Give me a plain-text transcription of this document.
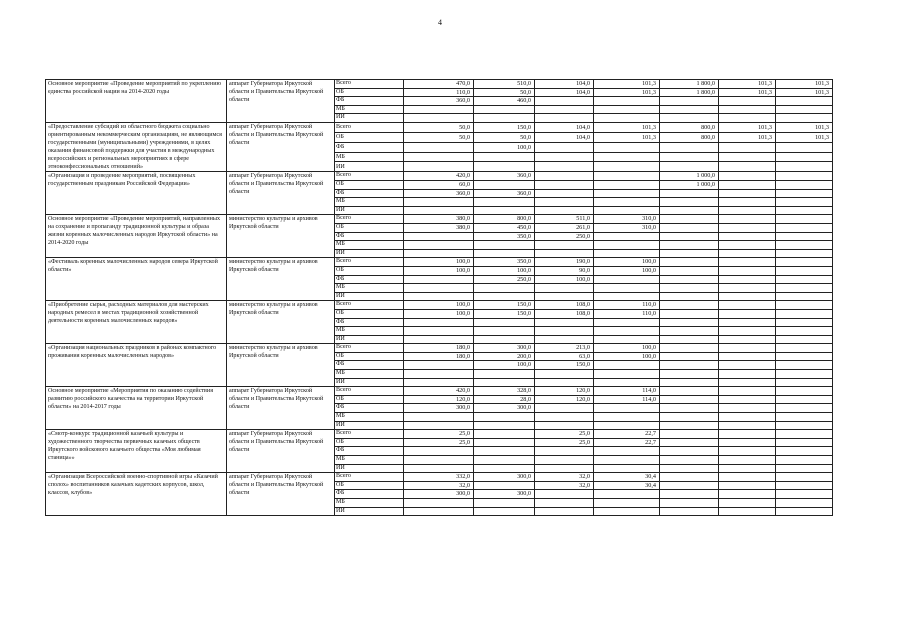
4
Основное мероприятие «Проведение мероприятий по укреплению единства российской нации на 2014-2020 годы	аппарат Губернатора Иркутской области и Правительства Иркутской области	Всего	470,0	510,0	104,0	101,3	1 800,0	101,3	101,3
		ОБ	110,0	50,0	104,0	101,3	1 800,0	101,3	101,3
		ФБ	360,0	460,0					
		МБ							
		ИИ							
«Предоставление субсидий из областного бюджета социально ориентированным некоммерческим организациям, не являющимся государственными (муниципальными) учреждениями, в целях оказания финансовой поддержки для участия в международных всероссийских и региональных мероприятиях в сфере этноконфессиональных отношений»	аппарат Губернатора Иркутской области и Правительства Иркутской области	Всего	50,0	150,0	104,0	101,3	800,0	101,3	101,3
		ОБ	50,0	50,0	104,0	101,3	800,0	101,3	101,3
		ФБ		100,0					
		МБ							
		ИИ							
«Организация и проведение мероприятий, посвященных государственным праздникам Российской Федерации»	аппарат Губернатора Иркутской области и Правительства Иркутской области	Всего	420,0	360,0			1 000,0		
		ОБ	60,0				1 000,0		
		ФБ	360,0	360,0					
		МБ							
		ИИ							
Основное мероприятие «Проведение мероприятий, направленных на сохранение и пропаганду традиционной культуры и образа жизни коренных малочисленных народов Иркутской области» на 2014-2020 годы	министерство культуры и архивов Иркутской области	Всего	380,0	800,0	511,0	310,0			
		ОБ	380,0	450,0	261,0	310,0			
		ФБ		350,0	250,0				
		МБ							
		ИИ							
«Фестиваль коренных малочисленных народов севера Иркутской области»	министерство культуры и архивов Иркутской области	Всего	100,0	350,0	190,0	100,0			
		ОБ	100,0	100,0	90,0	100,0			
		ФБ		250,0	100,0				
		МБ							
		ИИ							
«Приобретение сырья, расходных материалов для мастерских народных ремесел в местах традиционной хозяйственной деятельности коренных малочисленных народов»	министерство культуры и архивов Иркутской области	Всего	100,0	150,0	108,0	110,0			
		ОБ	100,0	150,0	108,0	110,0			
		ФБ							
		МБ							
		ИИ							
«Организация национальных праздников в районах компактного проживания коренных малочисленных народов»	министерство культуры и архивов Иркутской области	Всего	180,0	300,0	213,0	100,0			
		ОБ	180,0	200,0	63,0	100,0			
		ФБ		100,0	150,0				
		МБ							
		ИИ							
Основное мероприятие «Мероприятия по оказанию содействия развитию российского казачества на территории Иркутской области» на 2014-2017 годы	аппарат Губернатора Иркутской области и Правительства Иркутской области	Всего	420,0	328,0	120,0	114,0			
		ОБ	120,0	28,0	120,0	114,0			
		ФБ	300,0	300,0					
		МБ							
		ИИ							
«Смотр-конкурс традиционной казачьей культуры и художественного творчества первичных казачьих обществ Иркутского войскового казачьего общества «Моя любимая станица»»	аппарат Губернатора Иркутской области и Правительства Иркутской области	Всего	25,0		25,0	22,7			
		ОБ	25,0		25,0	22,7			
		ФБ							
		МБ							
		ИИ							
«Организация Всероссийской военно-спортивной игры «Казачий сполох» воспитанников казачьих кадетских корпусов, школ, классов, клубов»	аппарат Губернатора Иркутской области и Правительства Иркутской области	Всего	332,0	300,0	32,0	30,4			
		ОБ	32,0		32,0	30,4			
		ФБ	300,0	300,0					
		МБ							
		ИИ							
